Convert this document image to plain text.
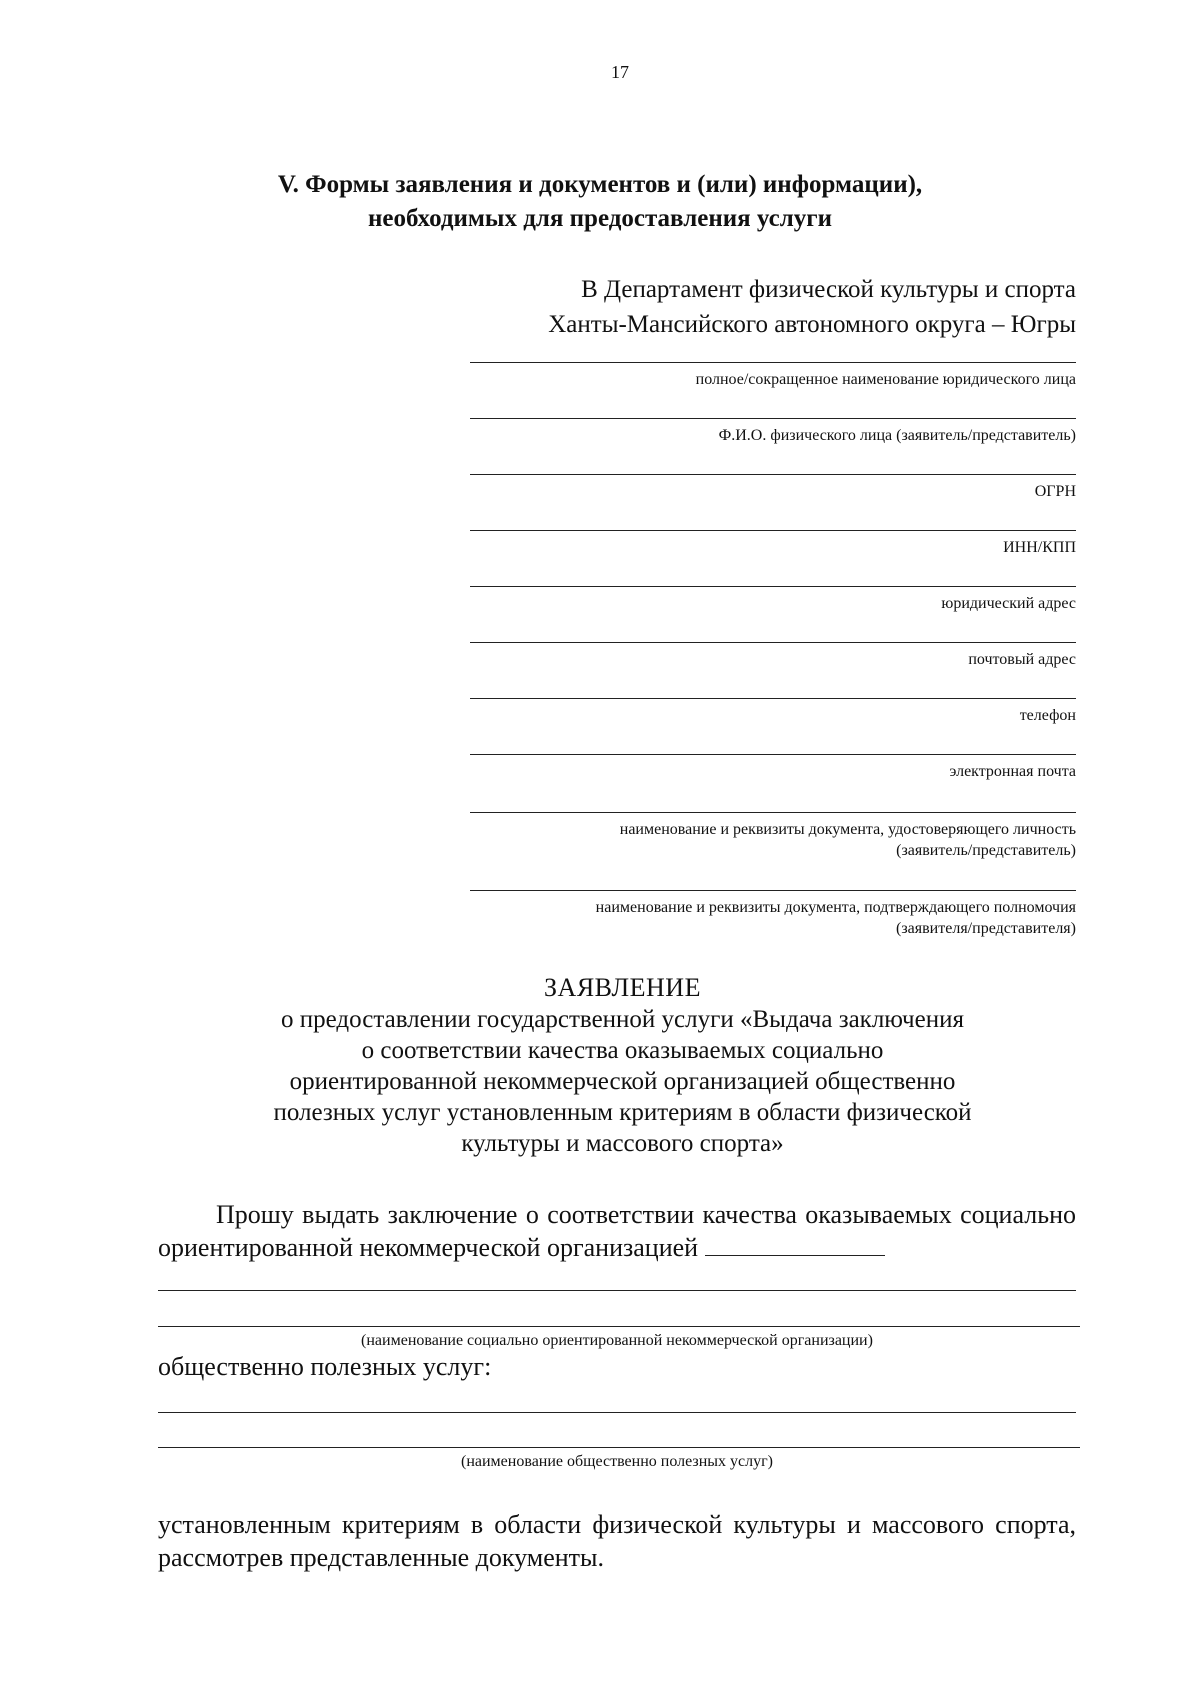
17
V. Формы заявления и документов и (или) информации),
необходимых для предоставления услуги
В Департамент физической культуры и спорта
Ханты-Мансийского автономного округа – Югры
полное/сокращенное наименование юридического лица
Ф.И.О. физического лица (заявитель/представитель)
ОГРН
ИНН/КПП
юридический адрес
почтовый адрес
телефон
электронная почта
наименование и реквизиты документа, удостоверяющего личность
(заявитель/представитель)
наименование и реквизиты документа, подтверждающего полномочия
(заявителя/представителя)
ЗАЯВЛЕНИЕ
о предоставлении государственной услуги «Выдача заключения
о соответствии качества оказываемых социально
ориентированной некоммерческой организацией общественно
полезных услуг установленным критериям в области физической
культуры и массового спорта»
Прошу выдать заключение о соответствии качества оказываемых социально ориентированной некоммерческой организацией
(наименование социально ориентированной некоммерческой организации)
общественно полезных услуг:
(наименование общественно полезных услуг)
установленным критериям в области физической культуры и массового спорта, рассмотрев представленные документы.
